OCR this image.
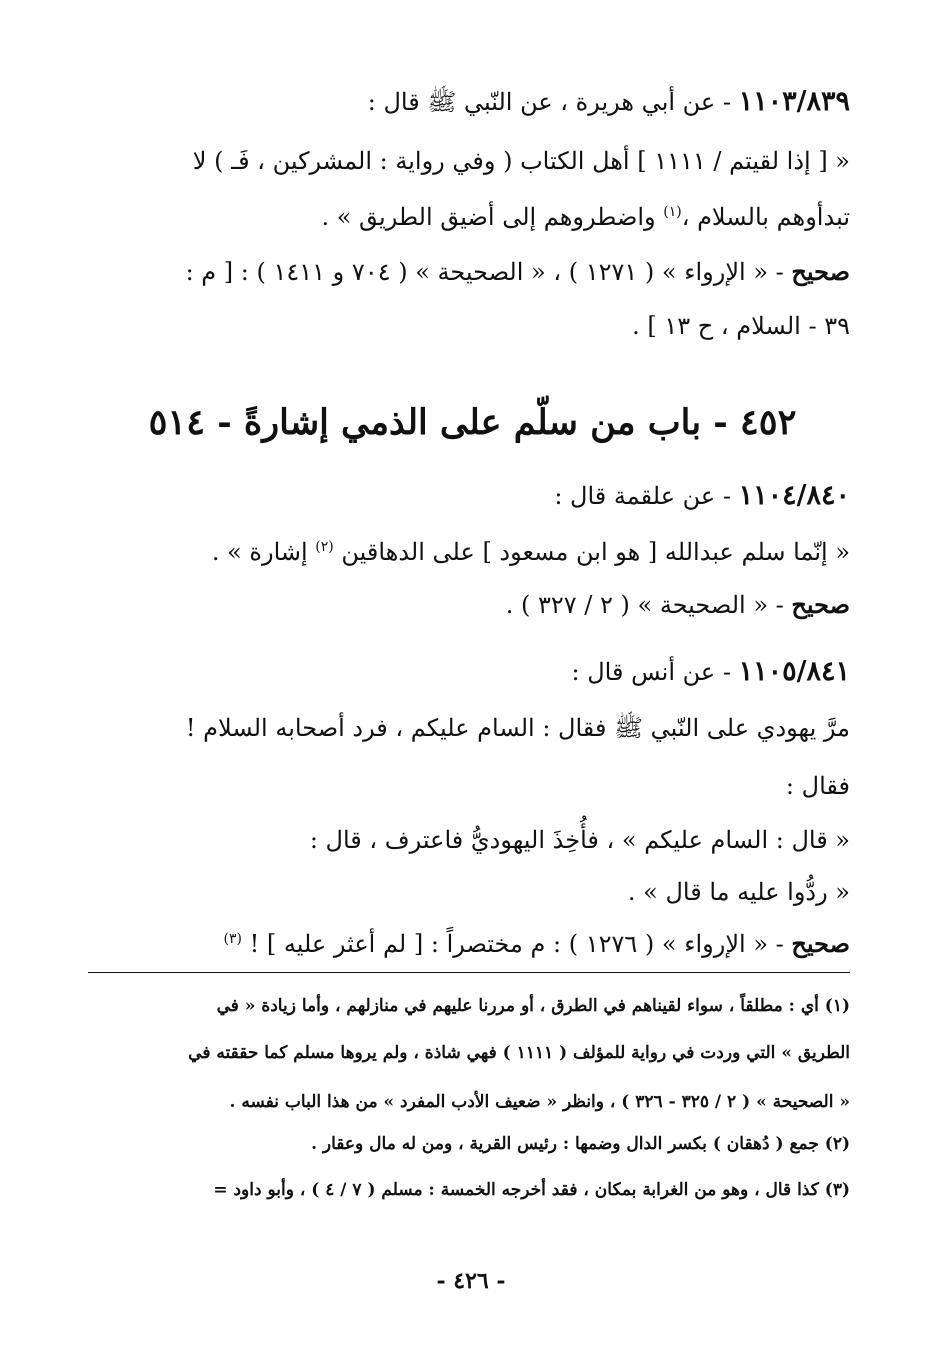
١١٠٣/٨٣٩ - عن أبي هريرة ، عن النّبي ﷺ قال :
« [ إذا لقيتم / ١١١١ ] أهل الكتاب ( وفي رواية : المشركين ، فَـ ) لا
تبدأوهم بالسلام ،$^{(١)}$ واضطروهم إلى أضيق الطريق » .
صحيح - « الإرواء » ( ١٢٧١ ) ، « الصحيحة » ( ٧٠٤ و ١٤١١ ) : [ م :
٣٩ - السلام ، ح ١٣ ] .
٤٥٢ - باب من سلّم على الذمي إشارةً - ٥١٤
١١٠٤/٨٤٠ - عن علقمة قال :
« إنّما سلم عبدالله [ هو ابن مسعود ] على الدهاقين $^{(٢)}$ إشارة » .
صحيح - « الصحيحة » ( ٢ / ٣٢٧ ) .
١١٠٥/٨٤١ - عن أنس قال :
مرَّ يهودي على النّبي ﷺ فقال : السام عليكم ، فرد أصحابه السلام !
فقال :
« قال : السام عليكم » ، فأُخِذَ اليهوديُّ فاعترف ، قال :
« ردُّوا عليه ما قال » .
صحيح - « الإرواء » ( ١٢٧٦ ) : م مختصراً : [ لم أعثر عليه ] ! $^{(٣)}$
(١) أي : مطلقاً ، سواء لقيناهم في الطرق ، أو مررنا عليهم في منازلهم ، وأما زيادة « في
الطريق » التي وردت في رواية للمؤلف ( ١١١١ ) فهي شاذة ، ولم يروها مسلم كما حققته في
« الصحيحة » ( ٢ / ٣٢٥ - ٣٢٦ ) ، وانظر « ضعيف الأدب المفرد » من هذا الباب نفسه .
(٢) جمع ( دُهقان ) بكسر الدال وضمها : رئيس القرية ، ومن له مال وعقار .
(٣) كذا قال ، وهو من الغرابة بمكان ، فقد أخرجه الخمسة : مسلم ( ٧ / ٤ ) ، وأبو داود =
- ٤٢٦ -
